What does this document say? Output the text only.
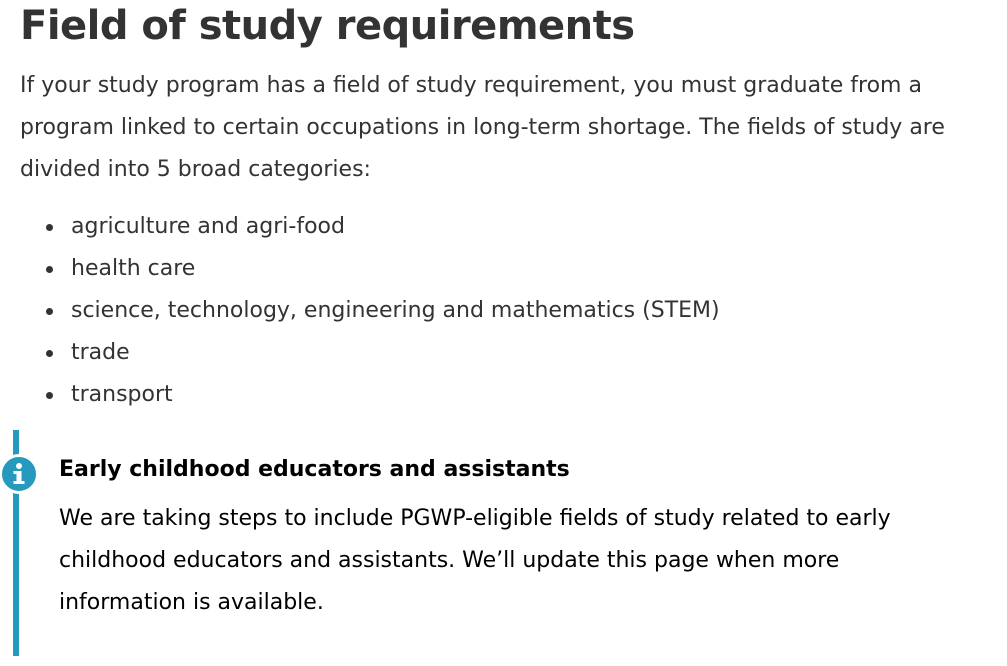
Field of study requirements

If your study program has a field of study requirement, you must graduate from a program linked to certain occupations in long-term shortage. The fields of study are divided into 5 broad categories:

agriculture and agri-food
health care
science, technology, engineering and mathematics (STEM)
trade
transport
Early childhood educators and assistants

We are taking steps to include PGWP-eligible fields of study related to early childhood educators and assistants. We’ll update this page when more information is available.
